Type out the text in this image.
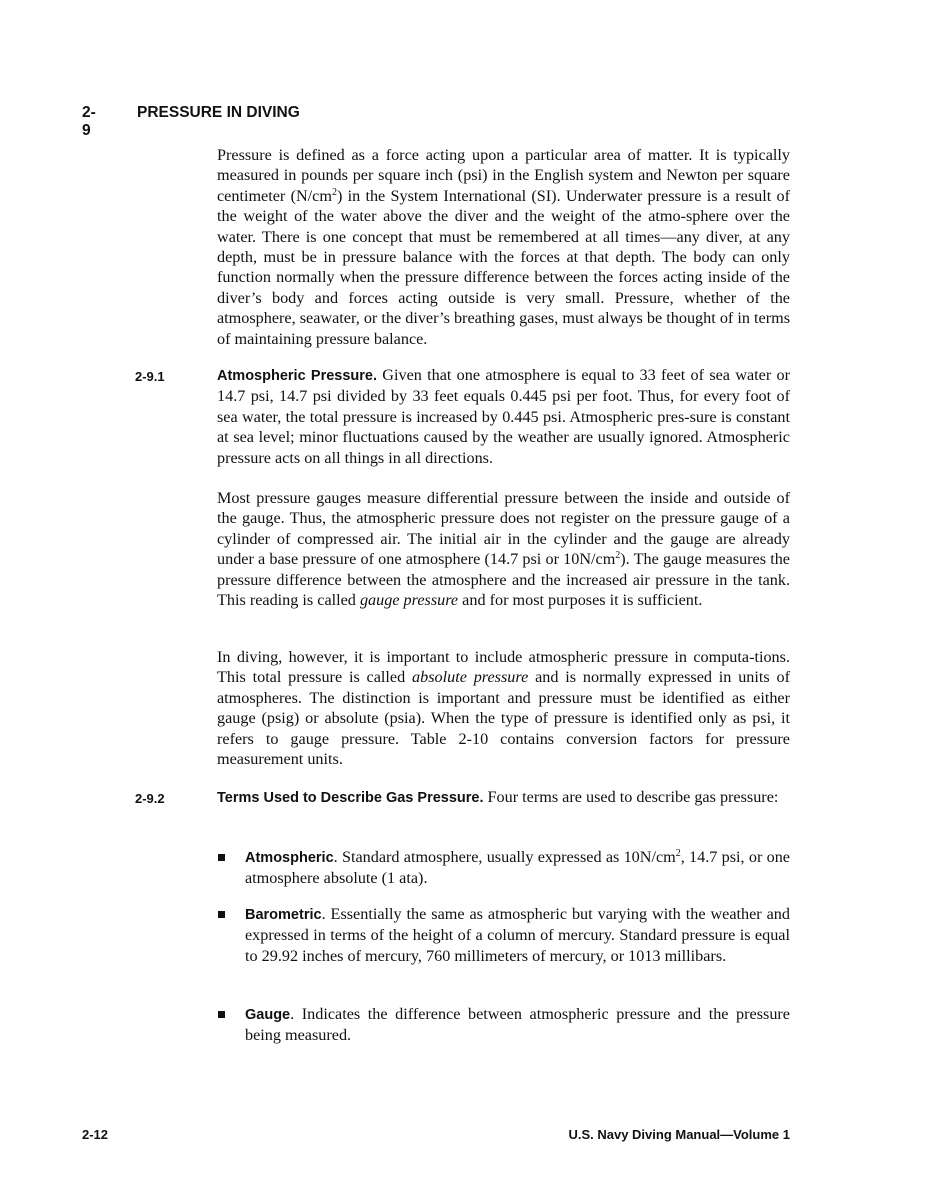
2-9
PRESSURE IN DIVING
Pressure is defined as a force acting upon a particular area of matter. It is typically measured in pounds per square inch (psi) in the English system and Newton per square centimeter $(N/cm^2)$ in the System International (SI). Underwater pressure is a result of the weight of the water above the diver and the weight of the atmo-sphere over the water. There is one concept that must be remembered at all times—any diver, at any depth, must be in pressure balance with the forces at that depth. The body can only function normally when the pressure difference between the forces acting inside of the diver’s body and forces acting outside is very small. Pressure, whether of the atmosphere, seawater, or the diver’s breathing gases, must always be thought of in terms of maintaining pressure balance.
2-9.1	Atmospheric Pressure. Given that one atmosphere is equal to 33 feet of sea water or 14.7 psi, 14.7 psi divided by 33 feet equals 0.445 psi per foot. Thus, for every foot of sea water, the total pressure is increased by 0.445 psi. Atmospheric pres-sure is constant at sea level; minor fluctuations caused by the weather are usually ignored. Atmospheric pressure acts on all things in all directions.
Most pressure gauges measure differential pressure between the inside and outside of the gauge. Thus, the atmospheric pressure does not register on the pressure gauge of a cylinder of compressed air. The initial air in the cylinder and the gauge are already under a base pressure of one atmosphere (14.7 psi or $10N/cm^2$). The gauge measures the pressure difference between the atmosphere and the increased air pressure in the tank. This reading is called gauge pressure and for most purposes it is sufficient.
In diving, however, it is important to include atmospheric pressure in computa-tions. This total pressure is called absolute pressure and is normally expressed in units of atmospheres. The distinction is important and pressure must be identified as either gauge (psig) or absolute (psia). When the type of pressure is identified only as psi, it refers to gauge pressure. Table 2-10 contains conversion factors for pressure measurement units.
2-9.2	Terms Used to Describe Gas Pressure. Four terms are used to describe gas pressure:
Atmospheric. Standard atmosphere, usually expressed as $10N/cm^2$, 14.7 psi, or one atmosphere absolute (1 ata).
Barometric. Essentially the same as atmospheric but varying with the weather and expressed in terms of the height of a column of mercury. Standard pressure is equal to 29.92 inches of mercury, 760 millimeters of mercury, or 1013 millibars.
Gauge. Indicates the difference between atmospheric pressure and the pressure being measured.
2-12	U.S. Navy Diving Manual—Volume 1
